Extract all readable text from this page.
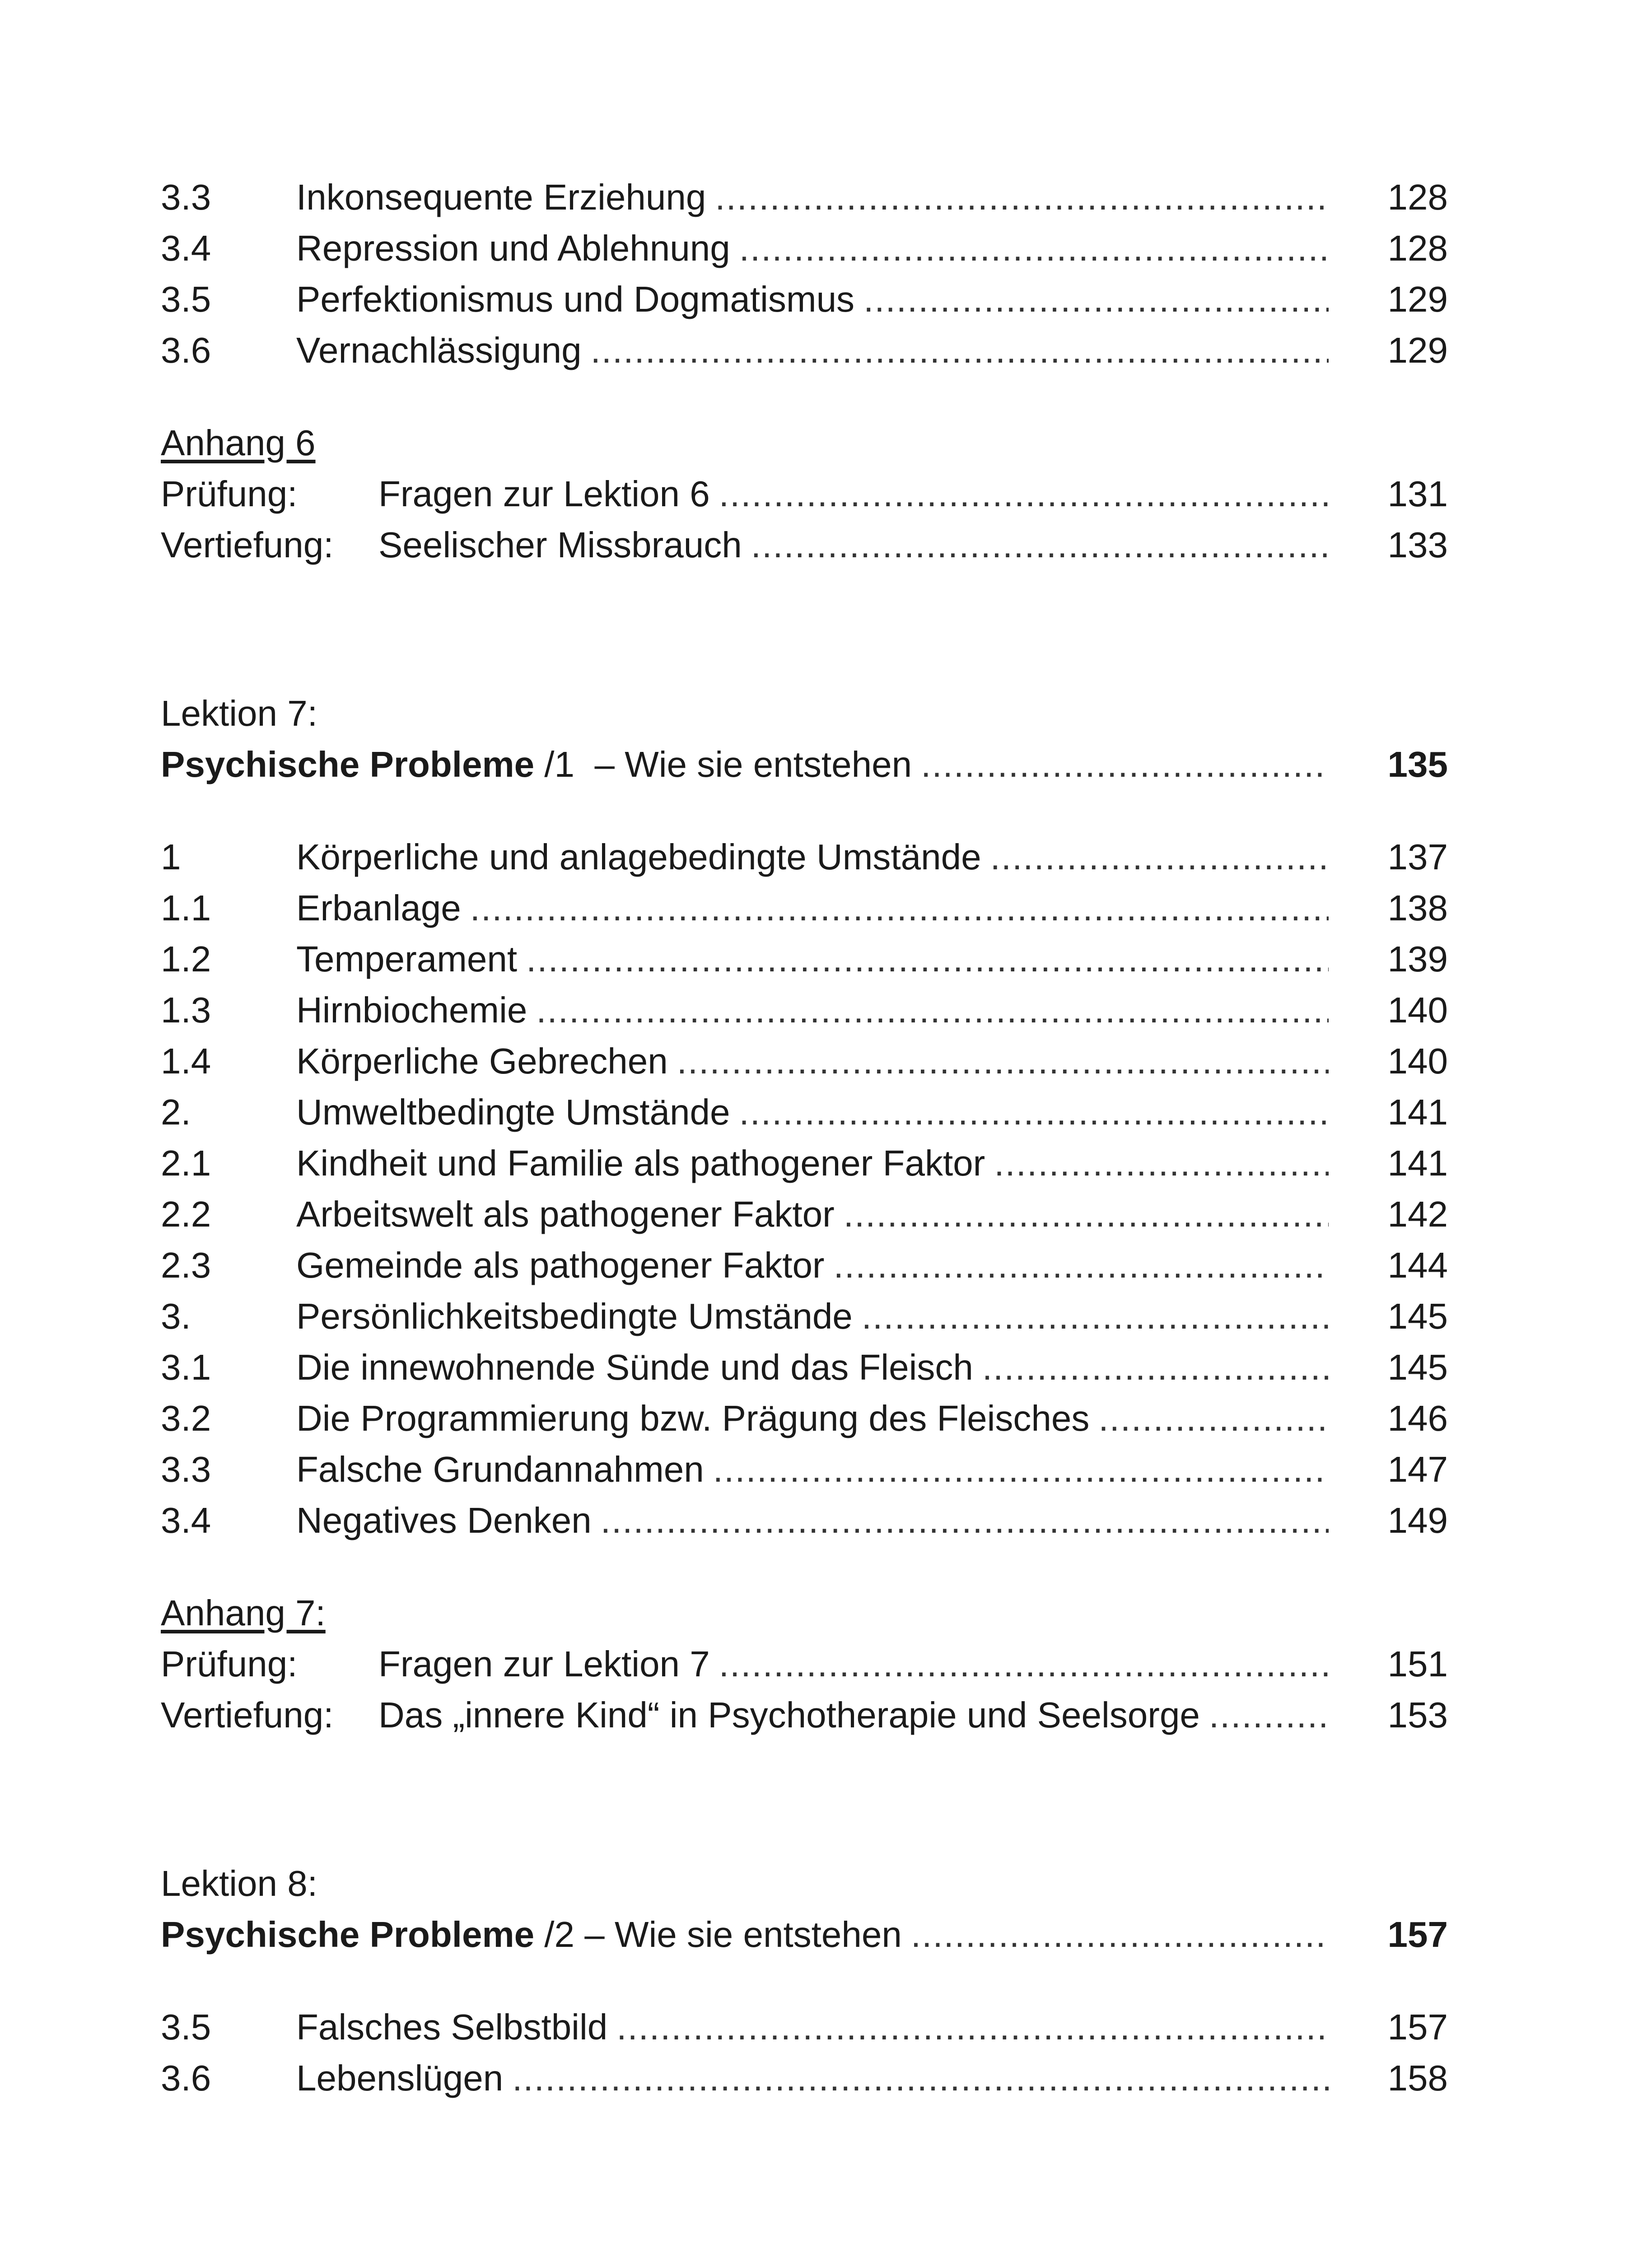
3.3	Inkonsequente Erziehung .....	128
3.4	Repression und Ablehnung .....	128
3.5	Perfektionismus und Dogmatismus .....	129
3.6	Vernachlässigung .....	129
Anhang 6
Prüfung:	Fragen zur Lektion 6 .....	131
Vertiefung:	Seelischer Missbrauch .....	133
Lektion 7:
Psychische Probleme /1  – Wie sie entstehen .....	135
1	Körperliche und anlagebedingte Umstände .....	137
1.1	Erbanlage .....	138
1.2	Temperament .....	139
1.3	Hirnbiochemie .....	140
1.4	Körperliche Gebrechen .....	140
2.	Umweltbedingte Umstände .....	141
2.1	Kindheit und Familie als pathogener Faktor .....	141
2.2	Arbeitswelt als pathogener Faktor .....	142
2.3	Gemeinde als pathogener Faktor .....	144
3.	Persönlichkeitsbedingte Umstände .....	145
3.1	Die innewohnende Sünde und das Fleisch .....	145
3.2	Die Programmierung bzw. Prägung des Fleisches .....	146
3.3	Falsche Grundannahmen .....	147
3.4	Negatives Denken .....	149
Anhang 7:
Prüfung:	Fragen zur Lektion 7 .....	151
Vertiefung:	Das „innere Kind“ in Psychotherapie und Seelsorge .....	153
Lektion 8:
Psychische Probleme /2 – Wie sie entstehen .....	157
3.5	Falsches Selbstbild .....	157
3.6	Lebenslügen .....	158
